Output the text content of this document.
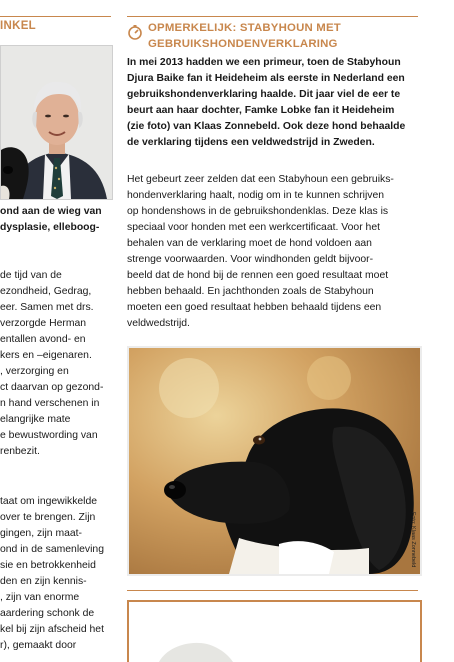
INKEL
ond aan de wieg van
dysplasie, elleboog-
de tijd van de
ezondheid, Gedrag,
eer. Samen met drs.
verzorgde Herman
entallen avond- en
kers en –eigenaren.
, verzorging en
ct daarvan op gezond-
n hand verschenen in
elangrijke mate
e bewustwording van
renbezit.
taat om ingewikkelde
over te brengen. Zijn
gingen, zijn maat-
ond in de samenleving
sie en betrokkenheid
den en zijn kennis-
, zijn van enorme
aardering schonk de
kel bij zijn afscheid het
r), gemaakt door
OPMERKELIJK: STABYHOUN MET
GEBRUIKSHONDENVERKLARING

In mei 2013 hadden we een primeur, toen de Stabyhoun

Djura Baike fan it Heideheim als eerste in Nederland een

gebruikshondenverklaring haalde. Dit jaar viel de eer te

beurt aan haar dochter, Famke Lobke fan it Heideheim

(zie foto) van Klaas Zonnebeld. Ook deze hond behaalde

de verklaring tijdens een veldwedstrijd in Zweden.

Het gebeurt zeer zelden dat een Stabyhoun een gebruiks-

hondenverklaring haalt, nodig om in te kunnen schrijven

op hondenshows in de gebruikshondenklas. Deze klas is

speciaal voor honden met een werkcertificaat. Voor het

behalen van de verklaring moet de hond voldoen aan

strenge voorwaarden. Voor windhonden geldt bijvoor-

beeld dat de hond bij de rennen een goed resultaat moet

hebben behaald. En jachthonden zoals de Stabyhoun

moeten een goed resultaat hebben behaald tijdens een

veldwedstrijd.

Foto: Klaas Zonnebeld
